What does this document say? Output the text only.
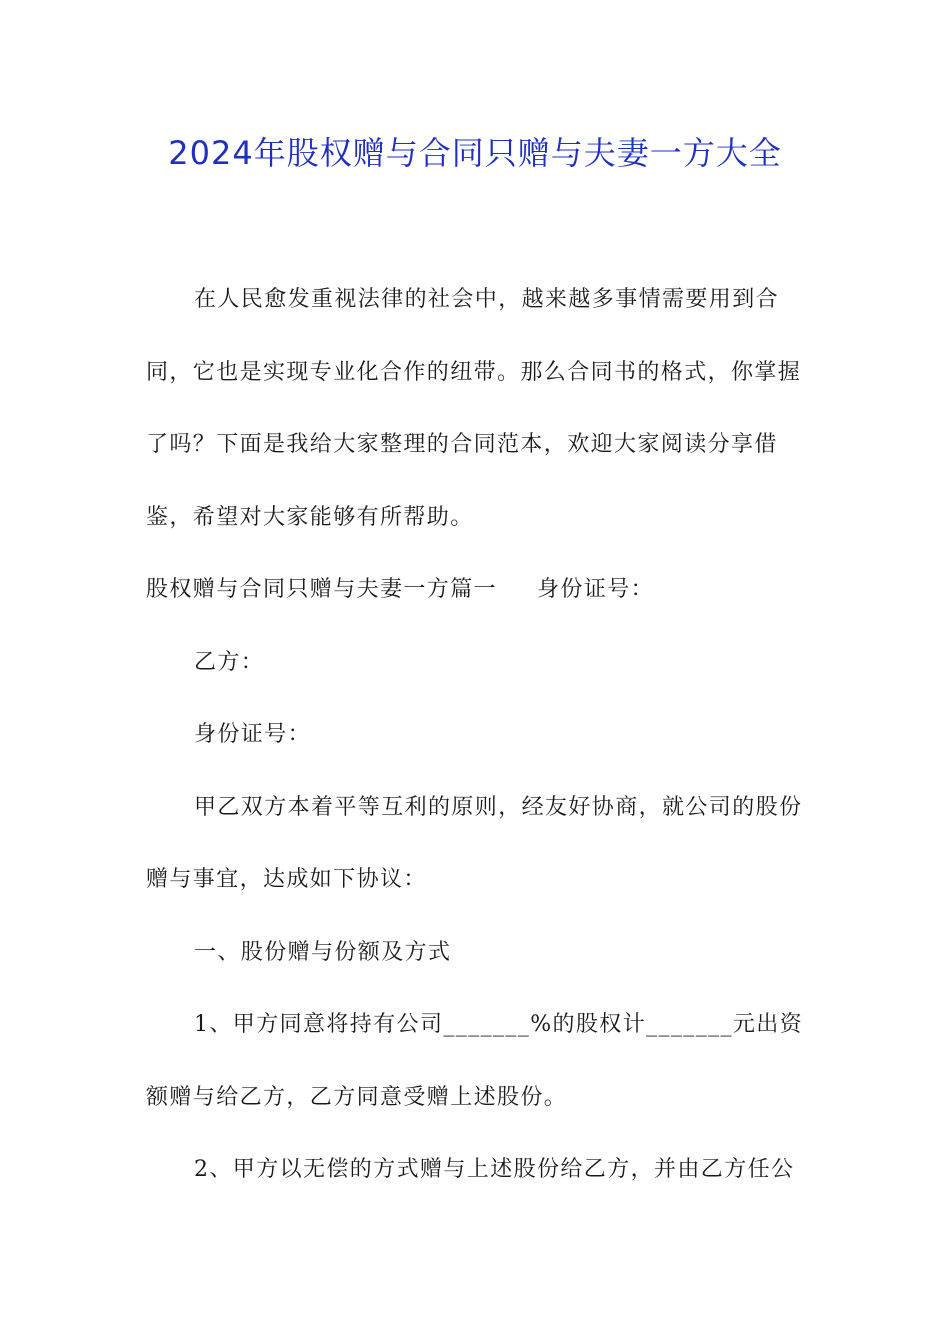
2024年股权赠与合同只赠与夫妻一方大全

在人民愈发重视法律的社会中，越来越多事情需要用到合同，它也是实现专业化合作的纽带。那么合同书的格式，你掌握了吗？下面是我给大家整理的合同范本，欢迎大家阅读分享借鉴，希望对大家能够有所帮助。

股权赠与合同只赠与夫妻一方篇一 身份证号：

乙方：

身份证号：

甲乙双方本着平等互利的原则，经友好协商，就公司的股份赠与事宜，达成如下协议：

一、股份赠与份额及方式

1、甲方同意将持有公司_______%的股权计_______元出资额赠与给乙方，乙方同意受赠上述股份。

2、甲方以无偿的方式赠与上述股份给乙方，并由乙方任公
